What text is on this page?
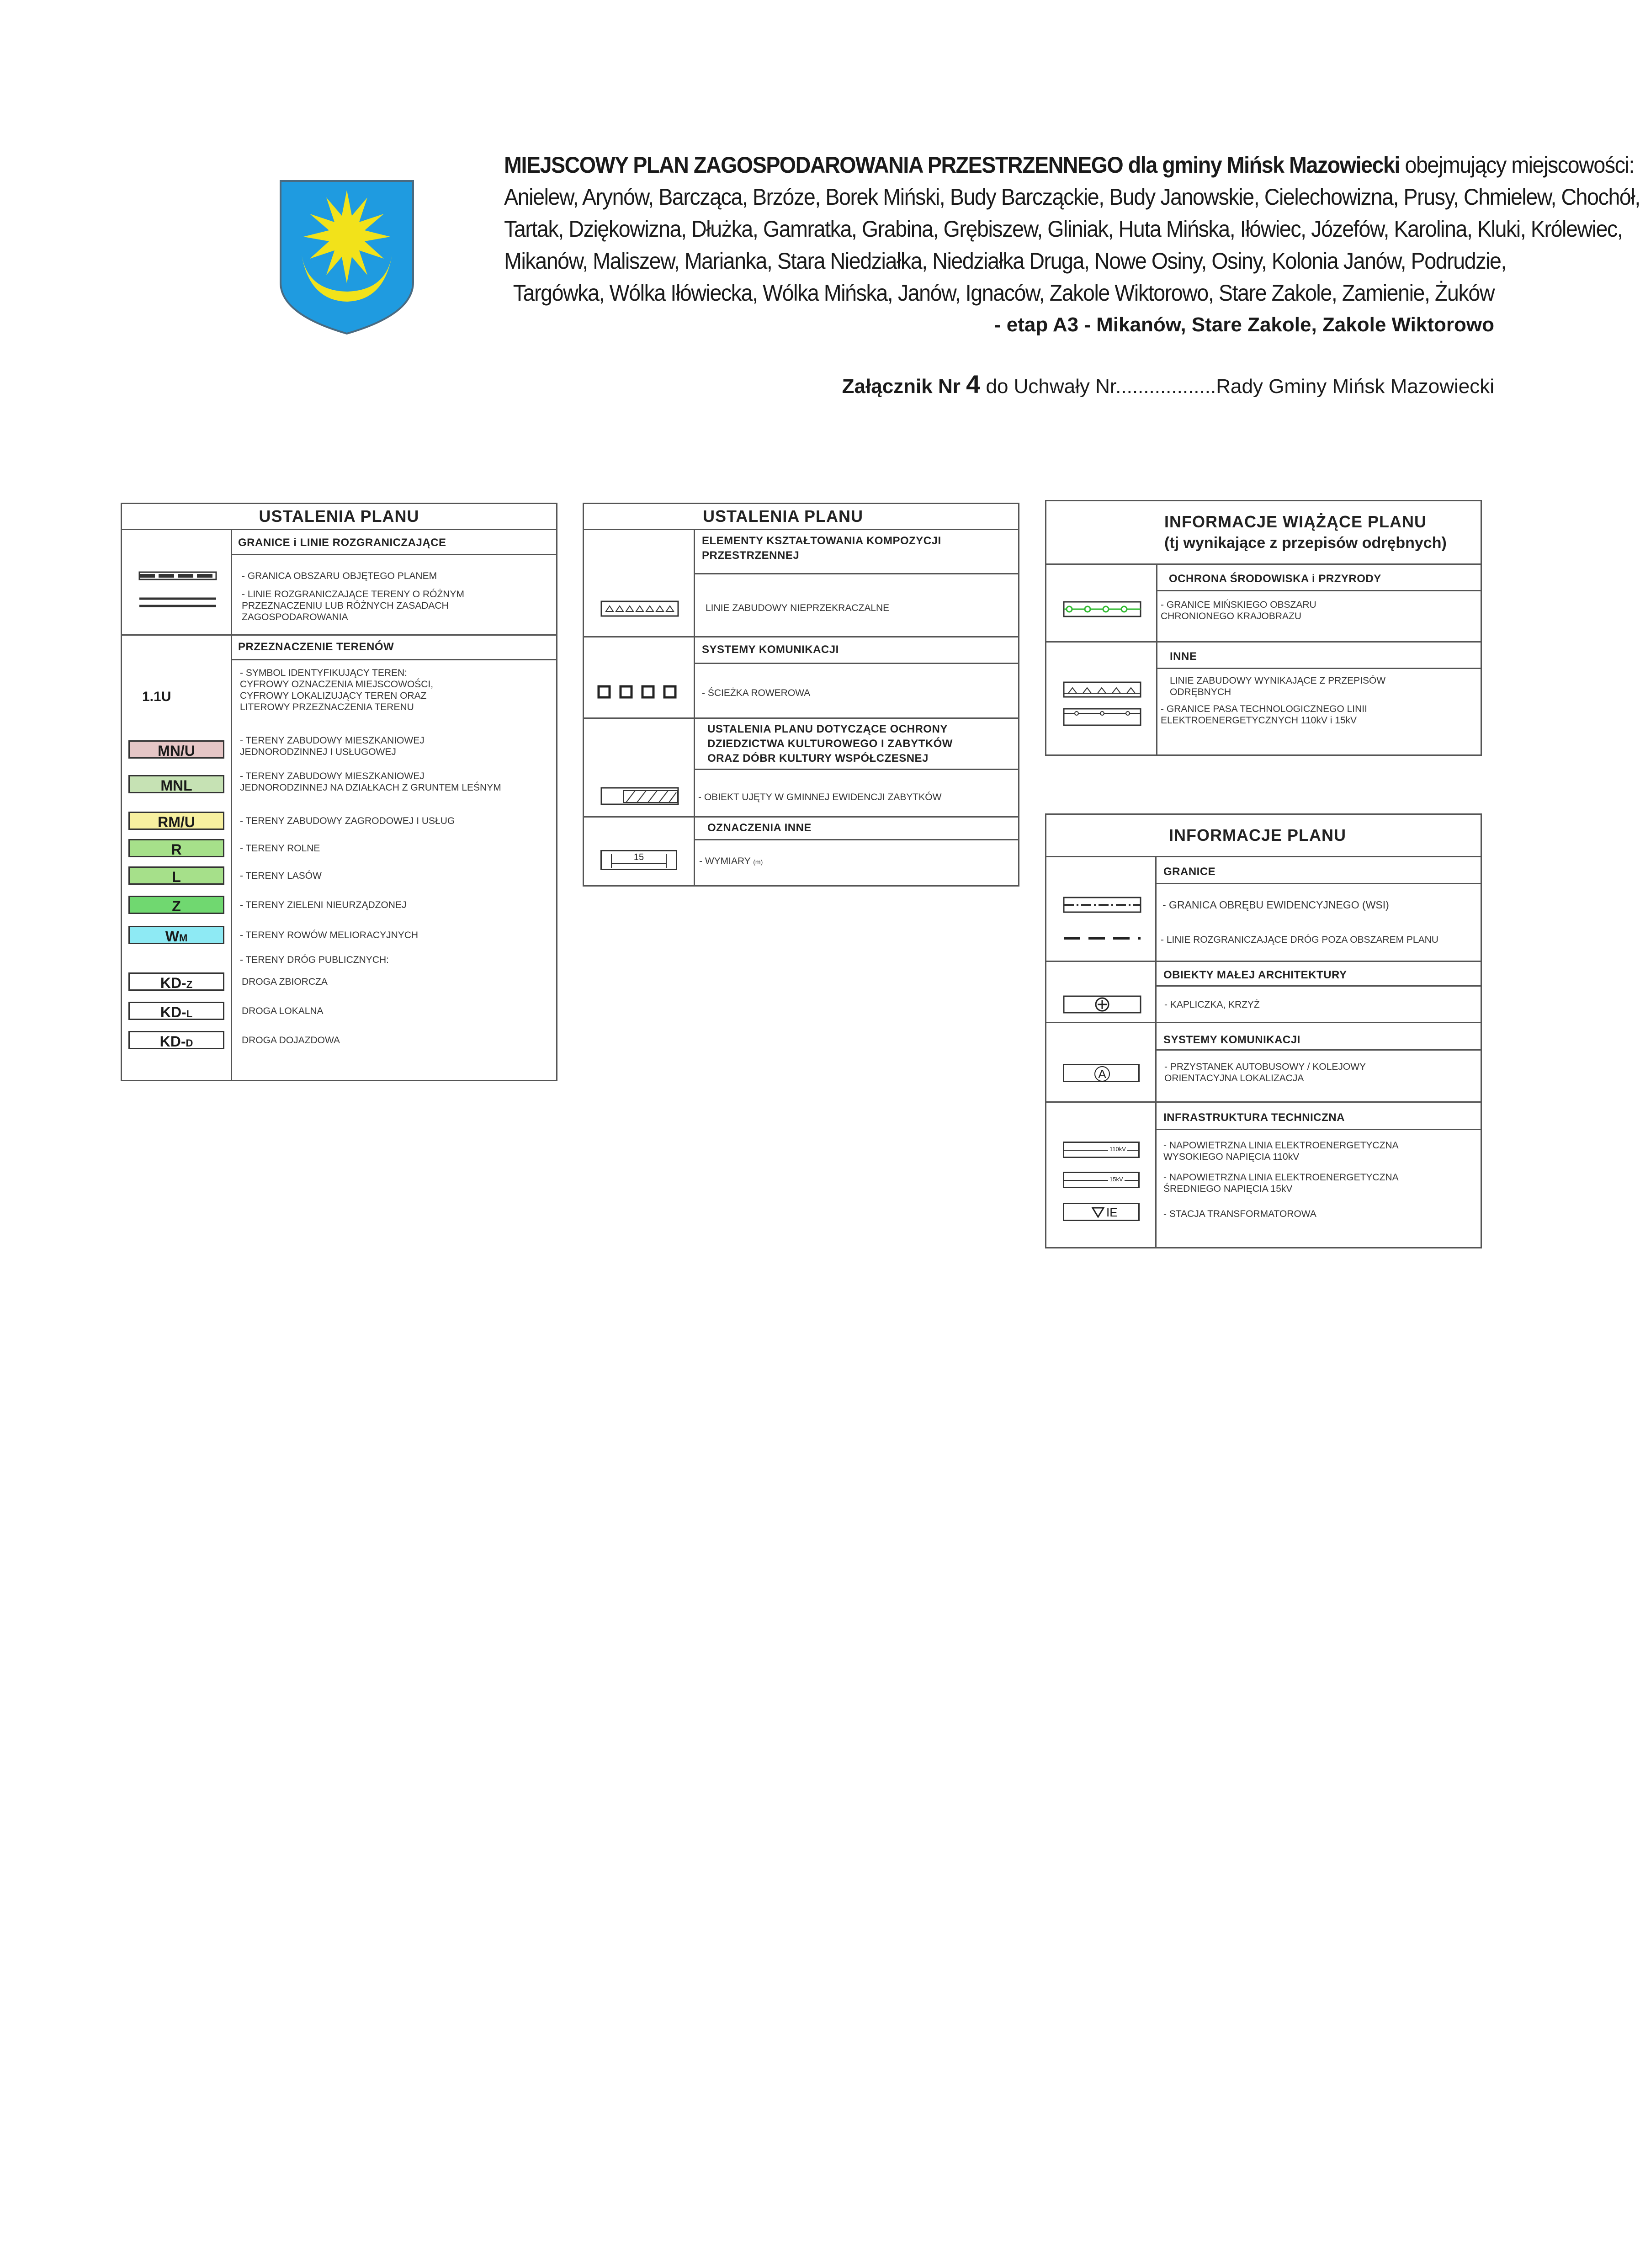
MIEJSCOWY PLAN ZAGOSPODAROWANIA PRZESTRZENNEGO dla gminy Mińsk Mazowiecki obejmujący miejscowości:
Anielew, Arynów, Barcząca, Brzóze, Borek Miński, Budy Barcząckie, Budy Janowskie, Cielechowizna, Prusy, Chmielew, Chochół,
Tartak, Dziękowizna, Dłużka, Gamratka, Grabina, Grębiszew, Gliniak, Huta Mińska, Iłówiec, Józefów, Karolina, Kluki, Królewiec,
Mikanów, Maliszew, Marianka, Stara Niedziałka, Niedziałka Druga, Nowe Osiny, Osiny, Kolonia Janów, Podrudzie,
Targówka, Wólka Iłówiecka, Wólka Mińska, Janów, Ignaców, Zakole Wiktorowo, Stare Zakole, Zamienie, Żuków
- etap A3 - Mikanów, Stare Zakole, Zakole Wiktorowo
Załącznik Nr 4 do Uchwały Nr..................Rady Gminy Mińsk Mazowiecki
USTALENIA PLANU
GRANICE i LINIE ROZGRANICZAJĄCE
- GRANICA OBSZARU OBJĘTEGO PLANEM
- LINIE ROZGRANICZAJĄCE TERENY O RÓŻNYM
PRZEZNACZENIU LUB RÓŻNYCH ZASADACH
ZAGOSPODAROWANIA
PRZEZNACZENIE TERENÓW
1.1U
- SYMBOL IDENTYFIKUJĄCY TEREN:
CYFROWY OZNACZENIA MIEJSCOWOŚCI,
CYFROWY LOKALIZUJĄCY TEREN ORAZ
LITEROWY PRZEZNACZENIA TERENU
MN/U
- TERENY ZABUDOWY MIESZKANIOWEJ
JEDNORODZINNEJ I USŁUGOWEJ
MNL
- TERENY ZABUDOWY MIESZKANIOWEJ
JEDNORODZINNEJ NA DZIAŁKACH Z GRUNTEM LEŚNYM
RM/U	- TERENY ZABUDOWY ZAGRODOWEJ I USŁUG
R	- TERENY ROLNE
L	- TERENY LASÓW
Z	- TERENY ZIELENI NIEURZĄDZONEJ
WM	- TERENY ROWÓW MELIORACYJNYCH
- TERENY DRÓG PUBLICZNYCH:
KD-Z	DROGA ZBIORCZA
KD-L	DROGA LOKALNA
KD-D	DROGA DOJAZDOWA
USTALENIA PLANU
ELEMENTY KSZTAŁTOWANIA KOMPOZYCJI
PRZESTRZENNEJ
LINIE ZABUDOWY NIEPRZEKRACZALNE
SYSTEMY KOMUNIKACJI
- ŚCIEŻKA ROWEROWA
USTALENIA PLANU DOTYCZĄCE OCHRONY
DZIEDZICTWA KULTUROWEGO I ZABYTKÓW
ORAZ DÓBR KULTURY WSPÓŁCZESNEJ
- OBIEKT UJĘTY W GMINNEJ EWIDENCJI ZABYTKÓW
OZNACZENIA INNE
15	- WYMIARY (m)
INFORMACJE WIĄŻĄCE PLANU
(tj wynikające z przepisów odrębnych)
OCHRONA ŚRODOWISKA i PRZYRODY
- GRANICE MIŃSKIEGO OBSZARU
CHRONIONEGO KRAJOBRAZU
INNE
LINIE ZABUDOWY WYNIKAJĄCE Z PRZEPISÓW
ODRĘBNYCH
- GRANICE PASA TECHNOLOGICZNEGO LINII
ELEKTROENERGETYCZNYCH 110kV i 15kV
INFORMACJE PLANU
GRANICE
- GRANICA OBRĘBU EWIDENCYJNEGO (WSI)
- LINIE ROZGRANICZAJĄCE DRÓG POZA OBSZAREM PLANU
OBIEKTY MAŁEJ ARCHITEKTURY
- KAPLICZKA, KRZYŻ
SYSTEMY KOMUNIKACJI
A
- PRZYSTANEK AUTOBUSOWY / KOLEJOWY
ORIENTACYJNA LOKALIZACJA
INFRASTRUKTURA TECHNICZNA
110kV	- NAPOWIETRZNA LINIA ELEKTROENERGETYCZNA
WYSOKIEGO NAPIĘCIA 110kV
15kV	- NAPOWIETRZNA LINIA ELEKTROENERGETYCZNA
ŚREDNIEGO NAPIĘCIA 15kV
IE	- STACJA TRANSFORMATOROWA
